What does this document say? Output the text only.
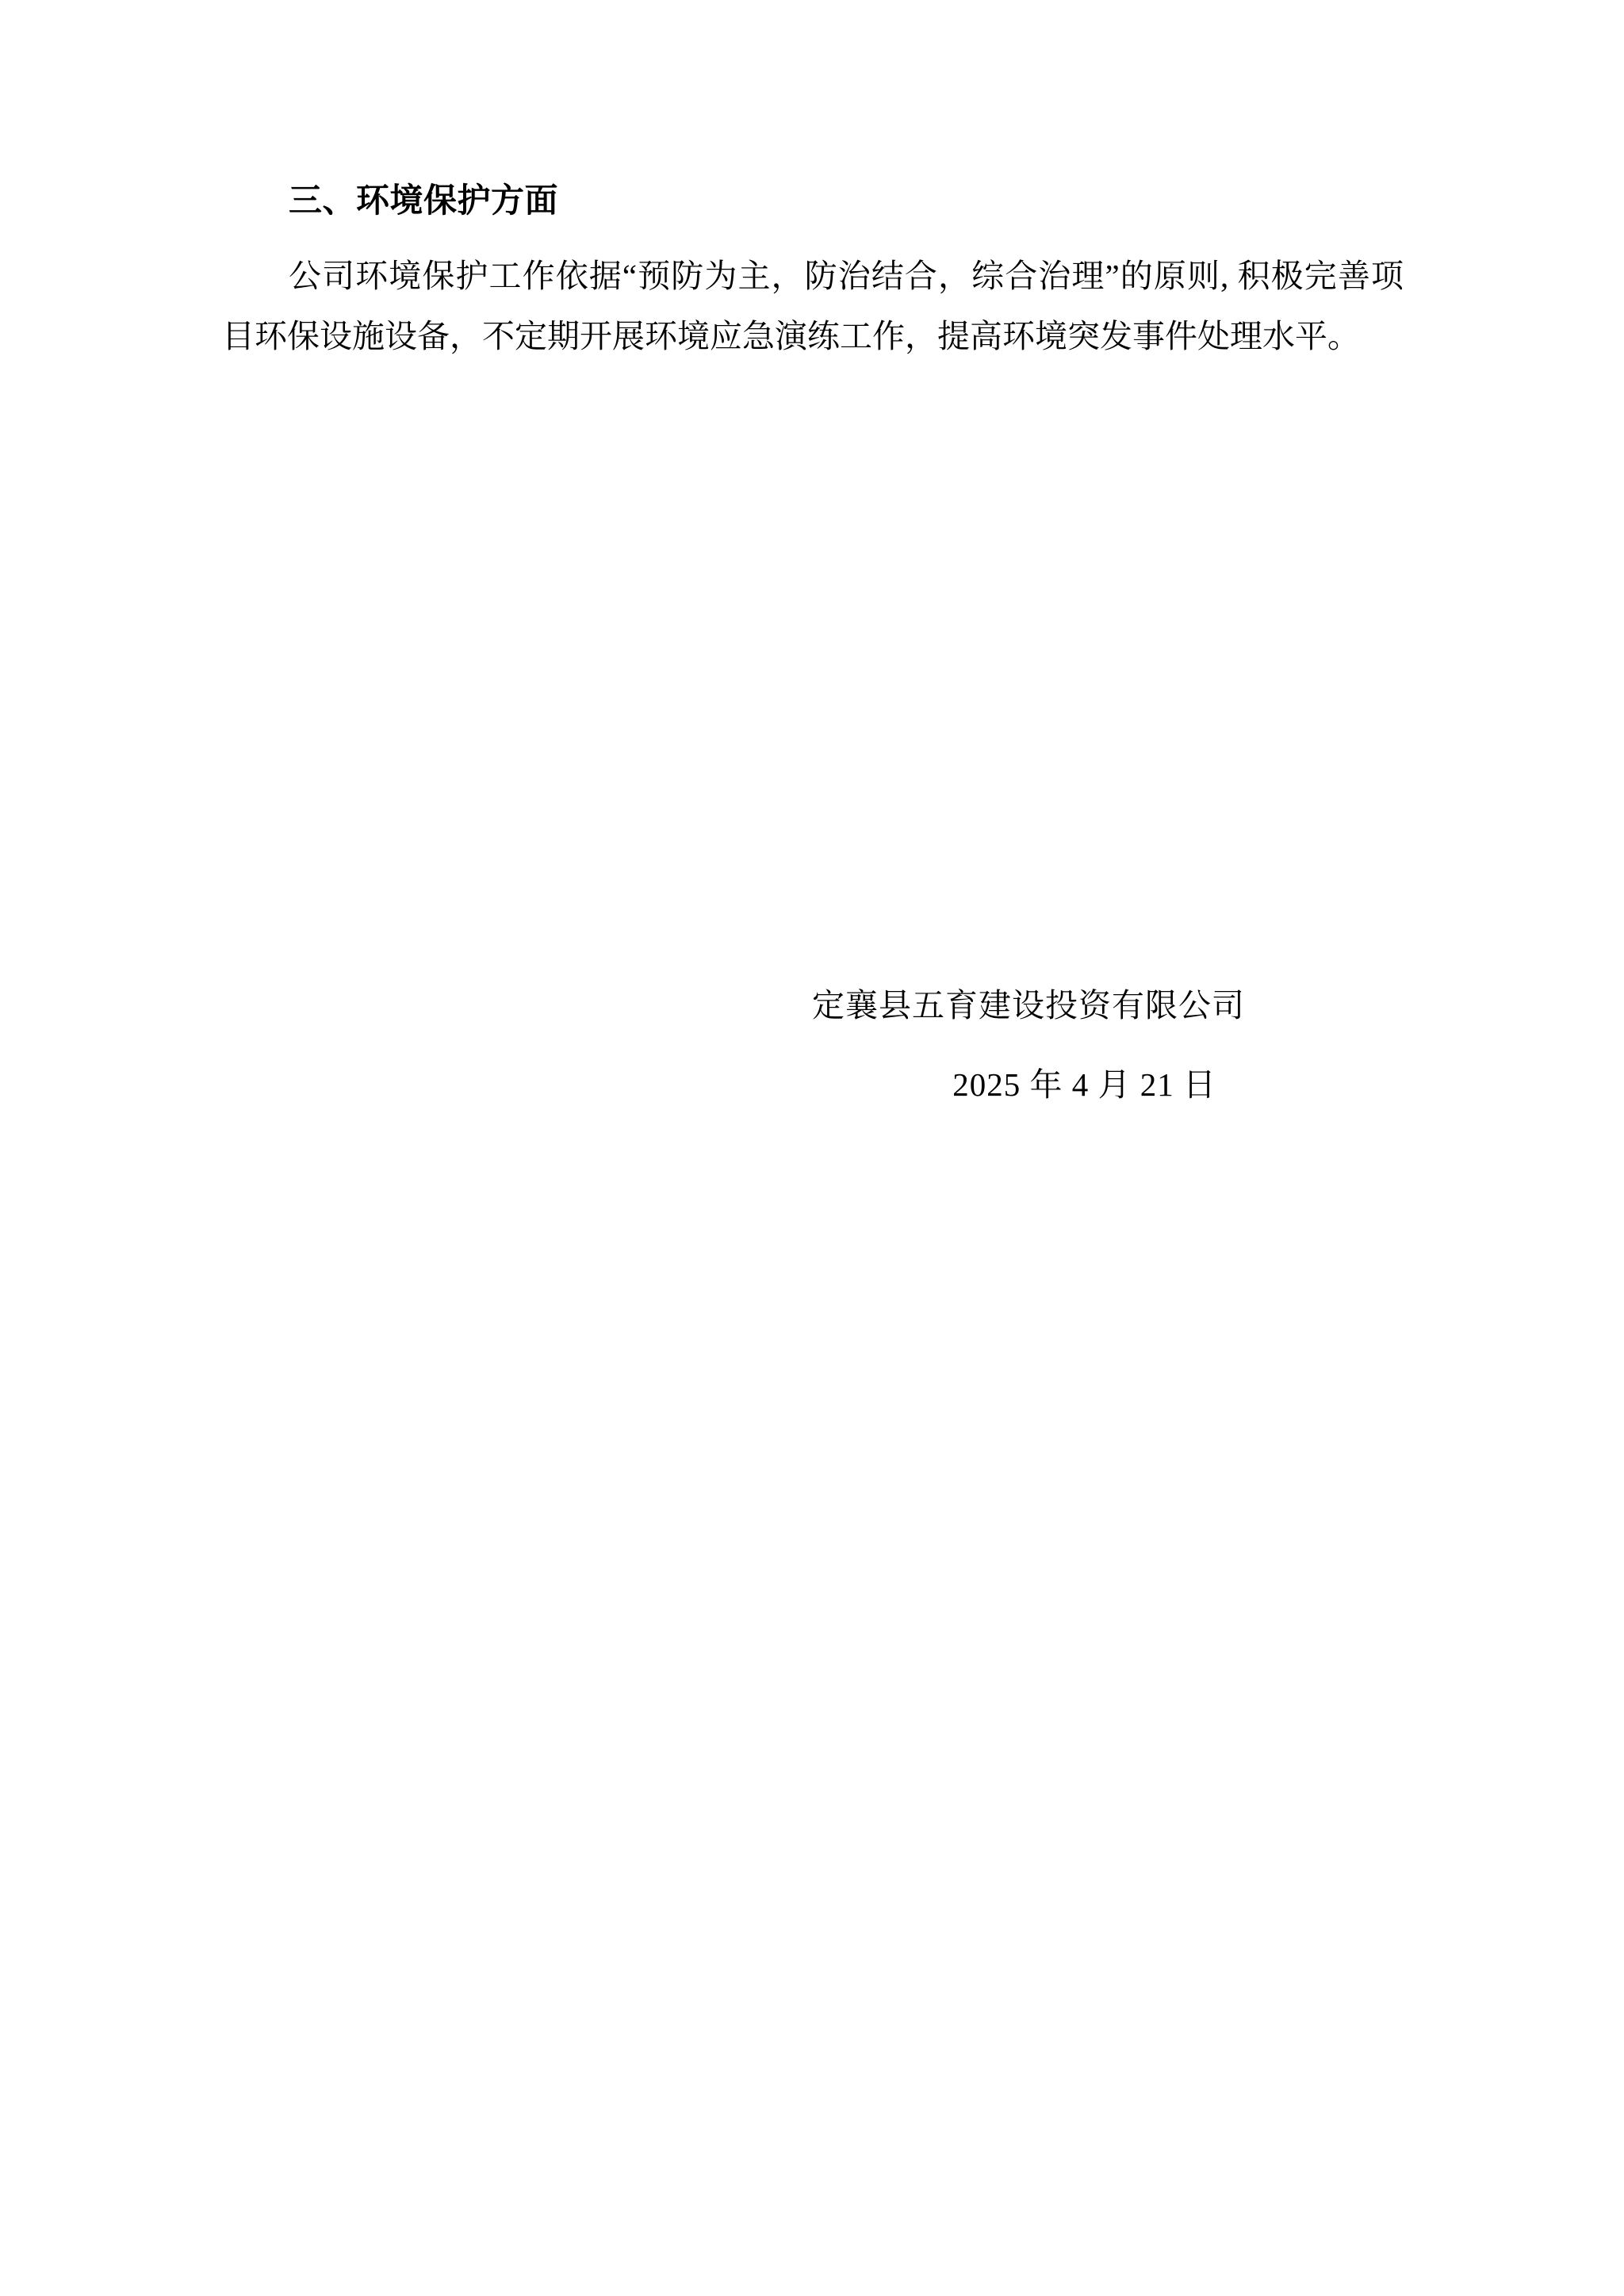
三、环境保护方面

公司环境保护工作依据“预防为主，防治结合，综合治理”的原则, 积极完善项目环保设施设备，不定期开展环境应急演练工作，提高环境突发事件处理水平。

定襄县五育建设投资有限公司

2025 年 4 月 21 日
